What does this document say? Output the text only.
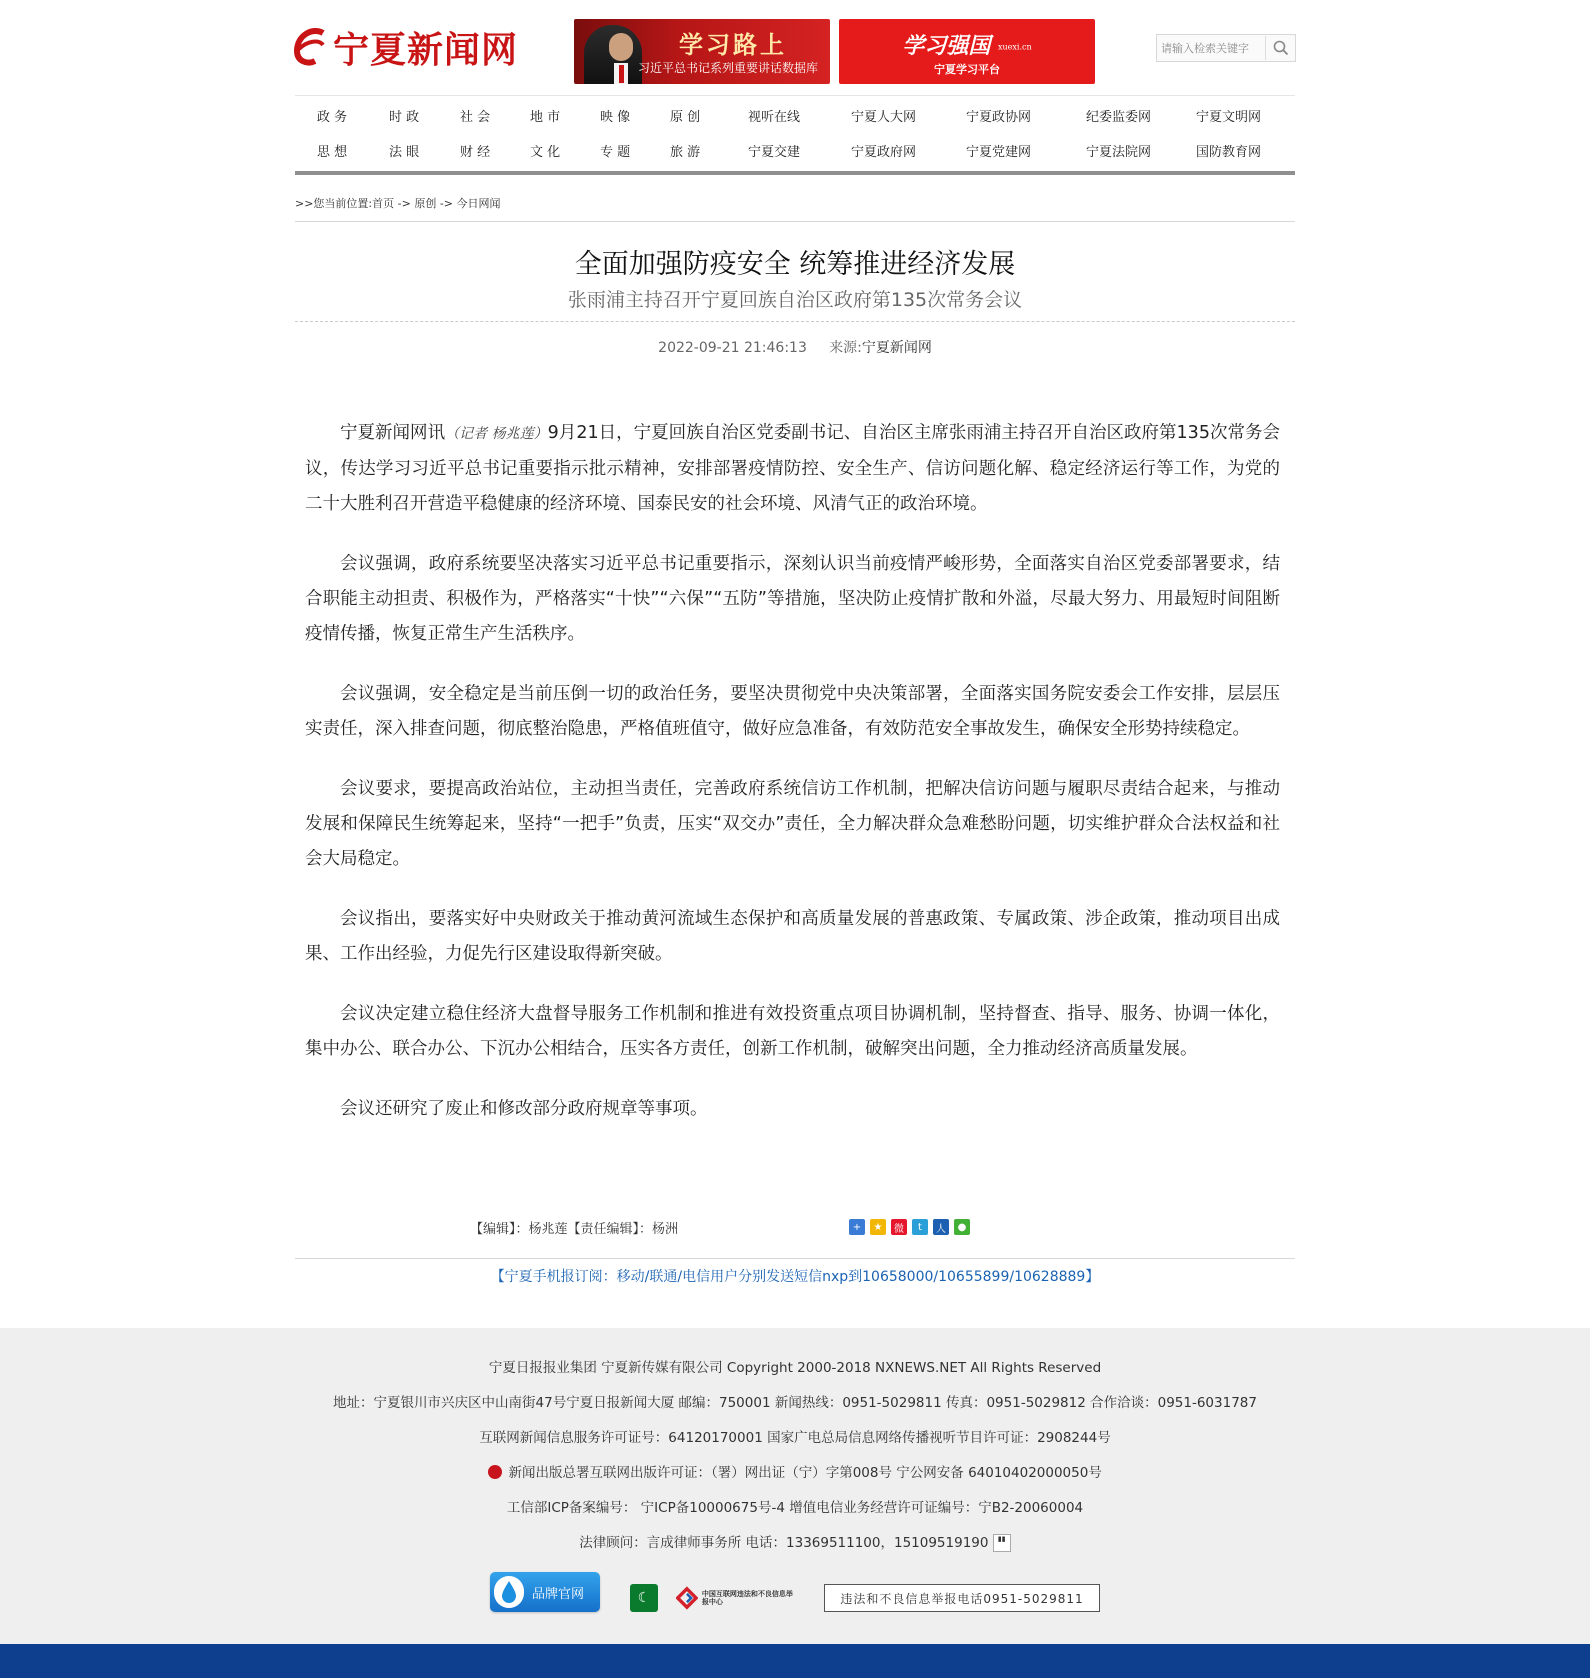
宁夏新闻网	学习路上
习近平总书记系列重要讲话数据库
学习强国 xuexi.cn
宁夏学习平台
请输入检索关键字
政 务	时 政	社 会	地 市	映 像	原 创	视听在线	宁夏人大网	宁夏政协网	纪委监委网	宁夏文明网
思 想	法 眼	财 经	文 化	专 题	旅 游	宁夏交建	宁夏政府网	宁夏党建网	宁夏法院网	国防教育网
>>您当前位置:首页 -> 原创 -> 今日网闻
全面加强防疫安全 统筹推进经济发展
张雨浦主持召开宁夏回族自治区政府第135次常务会议
2022-09-21 21:46:13 来源:宁夏新闻网

宁夏新闻网讯（记者 杨兆莲）9月21日，宁夏回族自治区党委副书记、自治区主席张雨浦主持召开自治区政府第135次常务会议，传达学习习近平总书记重要指示批示精神，安排部署疫情防控、安全生产、信访问题化解、稳定经济运行等工作，为党的二十大胜利召开营造平稳健康的经济环境、国泰民安的社会环境、风清气正的政治环境。

会议强调，政府系统要坚决落实习近平总书记重要指示，深刻认识当前疫情严峻形势，全面落实自治区党委部署要求，结合职能主动担责、积极作为，严格落实“十快”“六保”“五防”等措施，坚决防止疫情扩散和外溢，尽最大努力、用最短时间阻断疫情传播，恢复正常生产生活秩序。

会议强调，安全稳定是当前压倒一切的政治任务，要坚决贯彻党中央决策部署，全面落实国务院安委会工作安排，层层压实责任，深入排查问题，彻底整治隐患，严格值班值守，做好应急准备，有效防范安全事故发生，确保安全形势持续稳定。

会议要求，要提高政治站位，主动担当责任，完善政府系统信访工作机制，把解决信访问题与履职尽责结合起来，与推动发展和保障民生统筹起来，坚持“一把手”负责，压实“双交办”责任，全力解决群众急难愁盼问题，切实维护群众合法权益和社会大局稳定。

会议指出，要落实好中央财政关于推动黄河流域生态保护和高质量发展的普惠政策、专属政策、涉企政策，推动项目出成果、工作出经验，力促先行区建设取得新突破。

会议决定建立稳住经济大盘督导服务工作机制和推进有效投资重点项目协调机制，坚持督查、指导、服务、协调一体化，集中办公、联合办公、下沉办公相结合，压实各方责任，创新工作机制，破解突出问题，全力推动经济高质量发展。

会议还研究了废止和修改部分政府规章等事项。

【编辑】：杨兆莲【责任编辑】：杨洲	+	★	微	t	人	●
【宁夏手机报订阅：移动/联通/电信用户分别发送短信nxp到10658000/10655899/10628889】
宁夏日报报业集团 宁夏新传媒有限公司 Copyright 2000-2018 NXNEWS.NET All Rights Reserved
地址：宁夏银川市兴庆区中山南街47号宁夏日报新闻大厦 邮编：750001 新闻热线：0951-5029811 传真：0951-5029812 合作洽谈：0951-6031787
互联网新闻信息服务许可证号：64120170001 国家广电总局信息网络传播视听节目许可证：2908244号
新闻出版总署互联网出版许可证：（署）网出证（宁）字第008号 宁公网安备 64010402000050号
工信部ICP备案编号： 宁ICP备10000675号-4 增值电信业务经营许可证编号：宁B2-20060004
法律顾问：言成律师事务所 电话：13369511100，15109519190 ▮▮
品牌官网	☾	中国互联网违法和不良信息举报中心	违法和不良信息举报电话0951-5029811
